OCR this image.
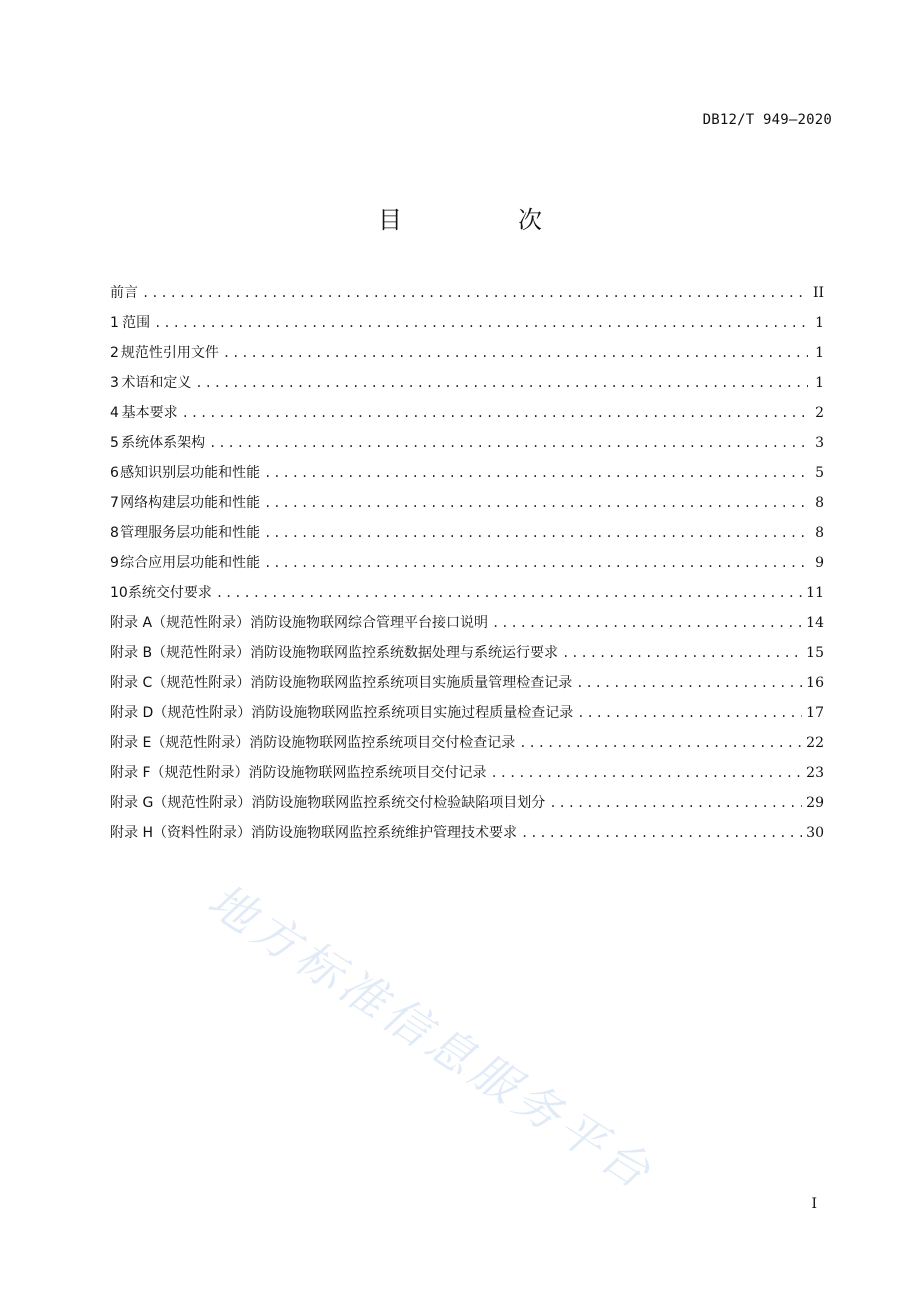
DB12/T 949—2020
目　次
前言 .....	II
1 范围 .....	1
2 规范性引用文件 .....	1
3 术语和定义 .....	1
4 基本要求 .....	2
5 系统体系架构 .....	3
6 感知识别层功能和性能 .....	5
7 网络构建层功能和性能 .....	8
8 管理服务层功能和性能 .....	8
9 综合应用层功能和性能 .....	9
10 系统交付要求 .....	11
附录 A（规范性附录） 消防设施物联网综合管理平台接口说明 .....	14
附录 B（规范性附录） 消防设施物联网监控系统数据处理与系统运行要求 .....	15
附录 C（规范性附录） 消防设施物联网监控系统项目实施质量管理检查记录 .....	16
附录 D（规范性附录） 消防设施物联网监控系统项目实施过程质量检查记录 .....	17
附录 E（规范性附录） 消防设施物联网监控系统项目交付检查记录 .....	22
附录 F（规范性附录） 消防设施物联网监控系统项目交付记录 .....	23
附录 G（规范性附录） 消防设施物联网监控系统交付检验缺陷项目划分 .....	29
附录 H（资料性附录） 消防设施物联网监控系统维护管理技术要求 .....	30
地方标准信息服务平台
I
